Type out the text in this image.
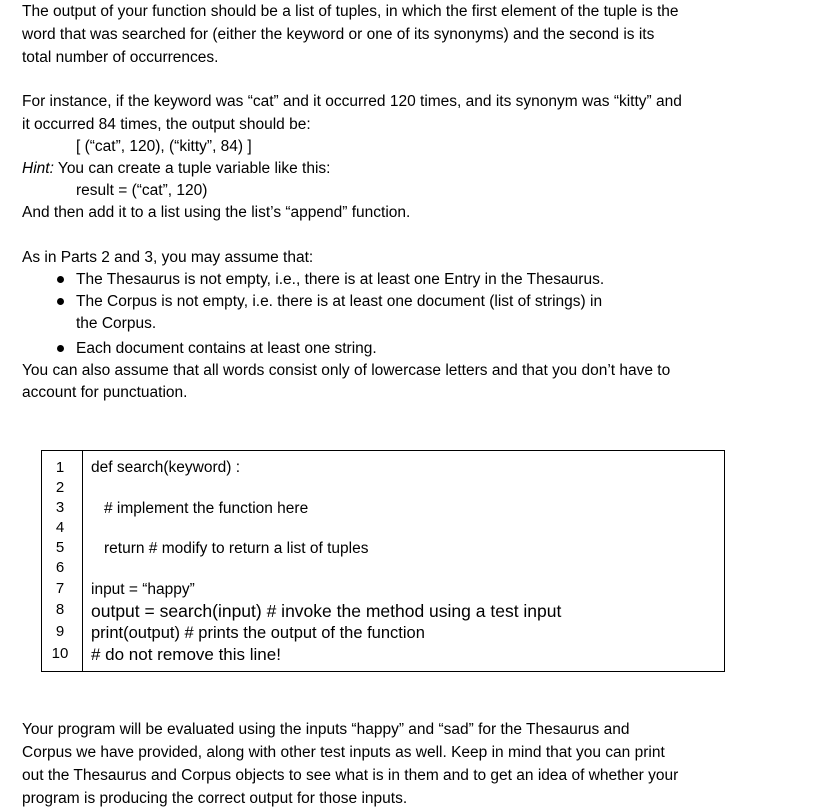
The output of your function should be a list of tuples, in which the first element of the tuple is the

word that was searched for (either the keyword or one of its synonyms) and the second is its

total number of occurrences.

For instance, if the keyword was “cat” and it occurred 120 times, and its synonym was “kitty” and

it occurred 84 times, the output should be:

[ (“cat”, 120), (“kitty”, 84) ]

Hint: You can create a tuple variable like this:

result = (“cat”, 120)

And then add it to a list using the list’s “append” function.

As in Parts 2 and 3, you may assume that:

The Thesaurus is not empty, i.e., there is at least one Entry in the Thesaurus.
The Corpus is not empty, i.e. there is at least one document (list of strings) in
the Corpus.
Each document contains at least one string.

You can also assume that all words consist only of lowercase letters and that you don’t have to

account for punctuation.

1
2
3
4
5
6
7
8
9
10
def search(keyword) :
# implement the function here
return # modify to return a list of tuples
input = “happy”
output = search(input) # invoke the method using a test input
print(output) # prints the output of the function
# do not remove this line!

Your program will be evaluated using the inputs “happy” and “sad” for the Thesaurus and

Corpus we have provided, along with other test inputs as well. Keep in mind that you can print

out the Thesaurus and Corpus objects to see what is in them and to get an idea of whether your

program is producing the correct output for those inputs.
